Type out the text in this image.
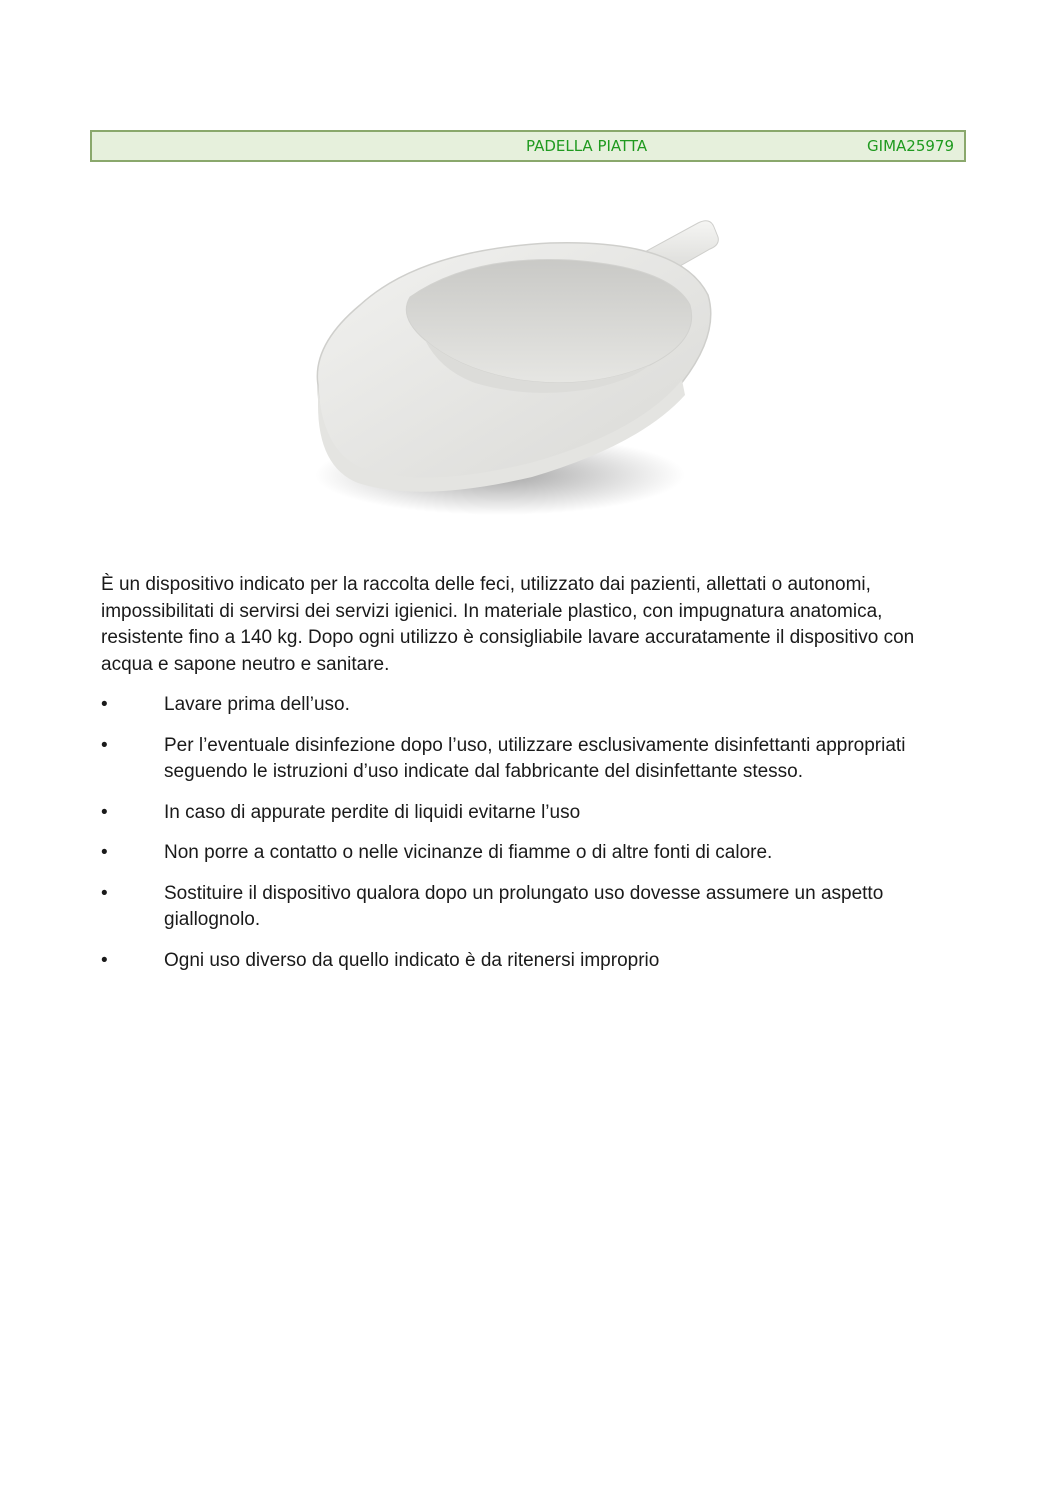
PADELLA PIATTA	GIMA25979

È un dispositivo indicato per la raccolta delle feci, utilizzato dai pazienti, allettati o autonomi, impossibilitati di servirsi dei servizi igienici. In materiale plastico, con impugnatura anatomica, resistente fino a 140 kg. Dopo ogni utilizzo è consigliabile lavare accuratamente il dispositivo con acqua e sapone neutro e sanitare.

•	Lavare prima dell’uso.
•	Per l’eventuale disinfezione dopo l’uso, utilizzare esclusivamente disinfettanti appropriati seguendo le istruzioni d’uso indicate dal fabbricante del disinfettante stesso.
•	In caso di appurate perdite di liquidi evitarne l’uso
•	Non porre a contatto o nelle vicinanze di fiamme o di altre fonti di calore.
•	Sostituire il dispositivo qualora dopo un prolungato uso dovesse assumere un aspetto giallognolo.
•	Ogni uso diverso da quello indicato è da ritenersi improprio
